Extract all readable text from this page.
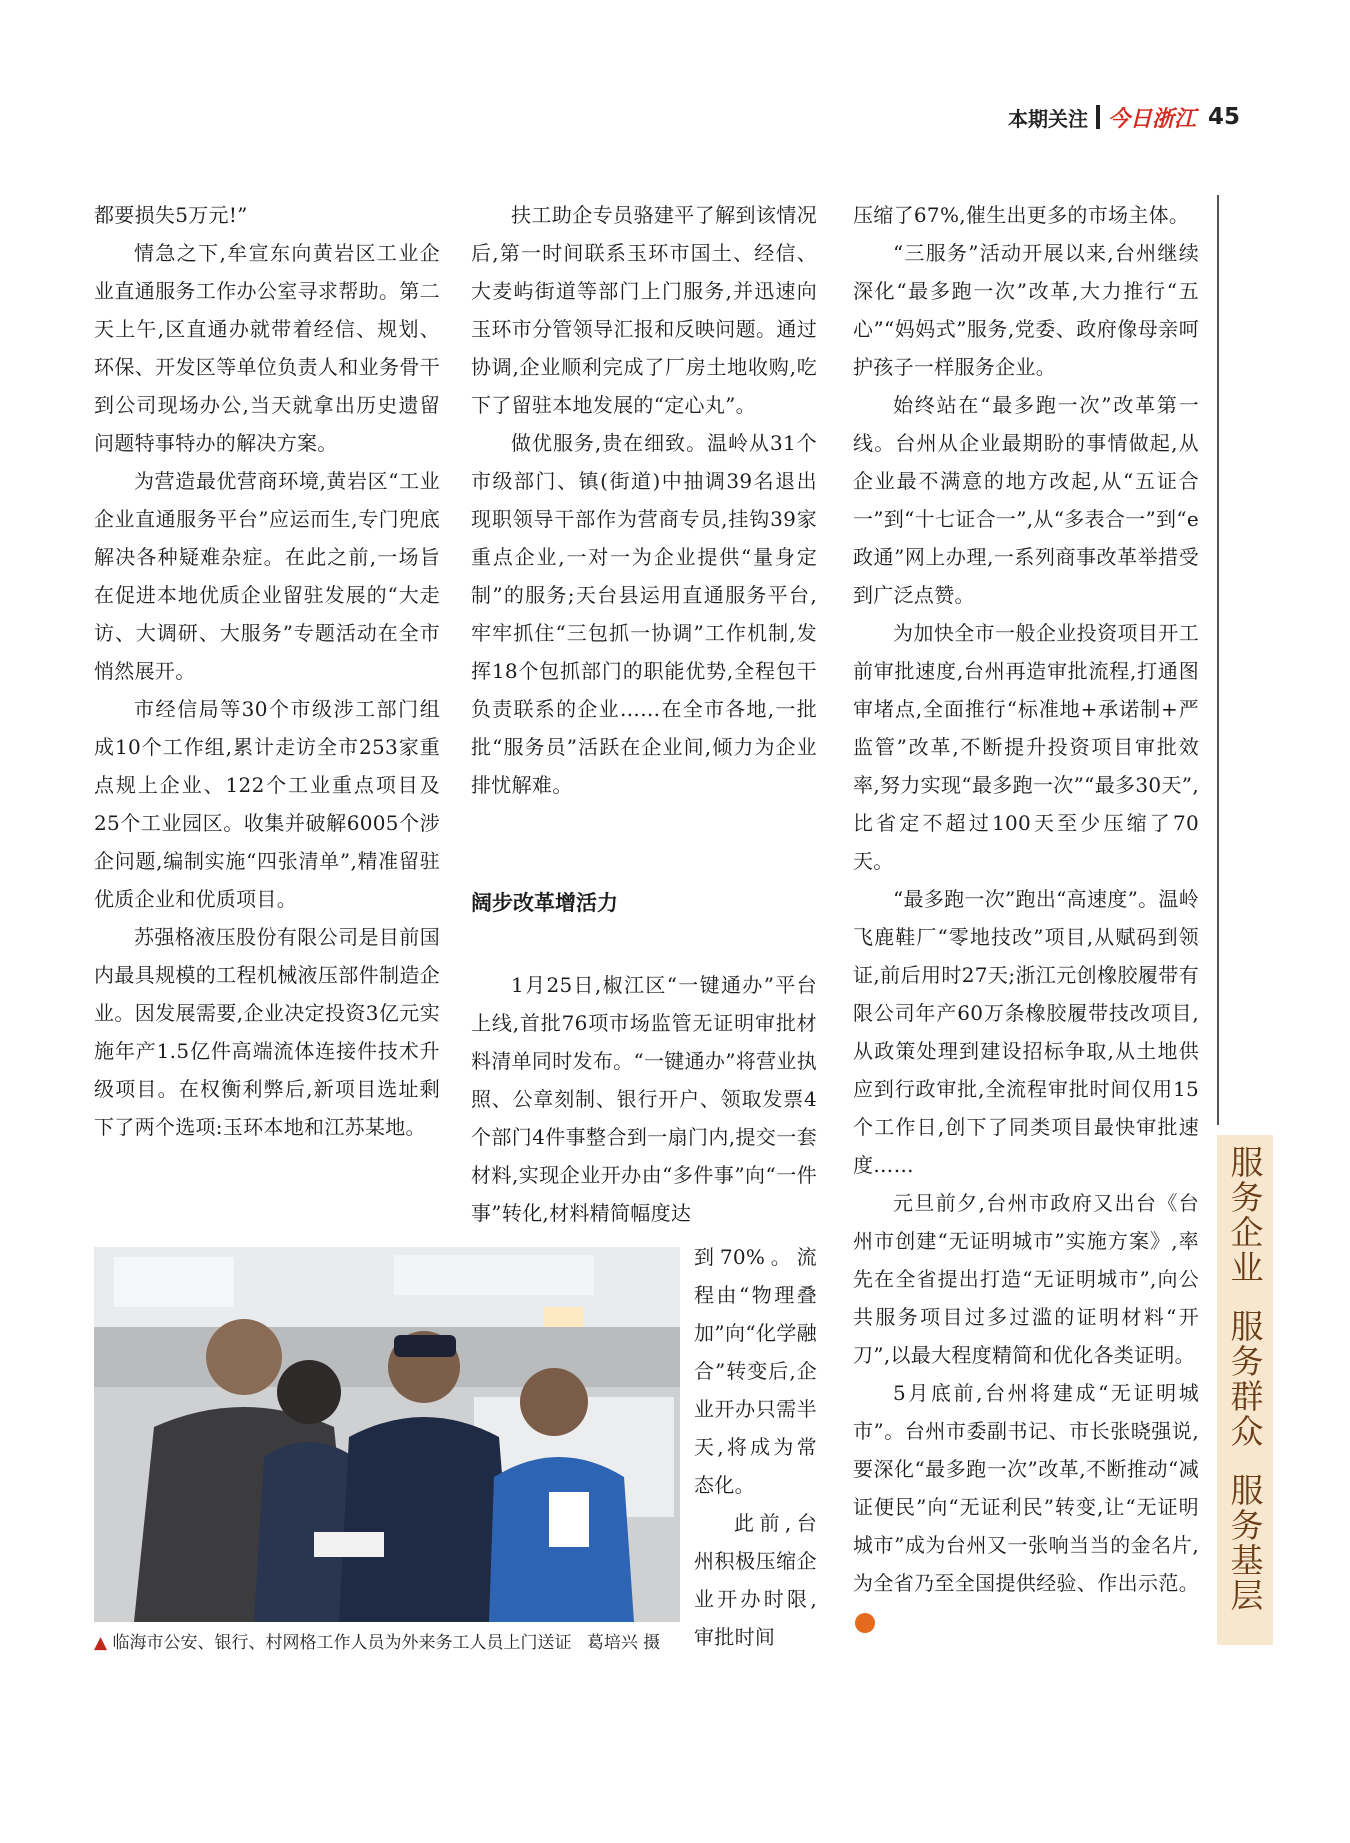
本期关注 今日浙江 45

都要损失5万元!”

情急之下,牟宣东向黄岩区工业企业直通服务工作办公室寻求帮助。第二天上午,区直通办就带着经信、规划、环保、开发区等单位负责人和业务骨干到公司现场办公,当天就拿出历史遗留问题特事特办的解决方案。

为营造最优营商环境,黄岩区“工业企业直通服务平台”应运而生,专门兜底解决各种疑难杂症。在此之前,一场旨在促进本地优质企业留驻发展的“大走访、大调研、大服务”专题活动在全市悄然展开。

市经信局等30个市级涉工部门组成10个工作组,累计走访全市253家重点规上企业、122个工业重点项目及25个工业园区。收集并破解6005个涉企问题,编制实施“四张清单”,精准留驻优质企业和优质项目。

苏强格液压股份有限公司是目前国内最具规模的工程机械液压部件制造企业。因发展需要,企业决定投资3亿元实施年产1.5亿件高端流体连接件技术升级项目。在权衡利弊后,新项目选址剩下了两个选项:玉环本地和江苏某地。

扶工助企专员骆建平了解到该情况后,第一时间联系玉环市国土、经信、大麦屿街道等部门上门服务,并迅速向玉环市分管领导汇报和反映问题。通过协调,企业顺利完成了厂房土地收购,吃下了留驻本地发展的“定心丸”。

做优服务,贵在细致。温岭从31个市级部门、镇(街道)中抽调39名退出现职领导干部作为营商专员,挂钩39家重点企业,一对一为企业提供“量身定制”的服务;天台县运用直通服务平台,牢牢抓住“三包抓一协调”工作机制,发挥18个包抓部门的职能优势,全程包干负责联系的企业……在全市各地,一批批“服务员”活跃在企业间,倾力为企业排忧解难。

阔步改革增活力

1月25日,椒江区“一键通办”平台上线,首批76项市场监管无证明审批材料清单同时发布。“一键通办”将营业执照、公章刻制、银行开户、领取发票4个部门4件事整合到一扇门内,提交一套材料,实现企业开办由“多件事”向“一件事”转化,材料精简幅度达

到70%。流程由“物理叠加”向“化学融合”转变后,企业开办只需半天,将成为常态化。

此前,台州积极压缩企业开办时限,审批时间

压缩了67%,催生出更多的市场主体。

“三服务”活动开展以来,台州继续深化“最多跑一次”改革,大力推行“五心”“妈妈式”服务,党委、政府像母亲呵护孩子一样服务企业。

始终站在“最多跑一次”改革第一线。台州从企业最期盼的事情做起,从企业最不满意的地方改起,从“五证合一”到“十七证合一”,从“多表合一”到“e政通”网上办理,一系列商事改革举措受到广泛点赞。

为加快全市一般企业投资项目开工前审批速度,台州再造审批流程,打通图审堵点,全面推行“标准地+承诺制+严监管”改革,不断提升投资项目审批效率,努力实现“最多跑一次”“最多30天”,比省定不超过100天至少压缩了70天。

“最多跑一次”跑出“高速度”。温岭飞鹿鞋厂“零地技改”项目,从赋码到领证,前后用时27天;浙江元创橡胶履带有限公司年产60万条橡胶履带技改项目,从政策处理到建设招标争取,从土地供应到行政审批,全流程审批时间仅用15个工作日,创下了同类项目最快审批速度……

元旦前夕,台州市政府又出台《台州市创建“无证明城市”实施方案》,率先在全省提出打造“无证明城市”,向公共服务项目过多过滥的证明材料“开刀”,以最大程度精简和优化各类证明。

5月底前,台州将建成“无证明城市”。台州市委副书记、市长张晓强说,要深化“最多跑一次”改革,不断推动“减证便民”向“无证利民”转变,让“无证明城市”成为台州又一张响当当的金名片,为全省乃至全国提供经验、作出示范。

服务企业服务群众服务基层
▲ 临海市公安、银行、村网格工作人员为外来务工人员上门送证 葛培兴 摄
